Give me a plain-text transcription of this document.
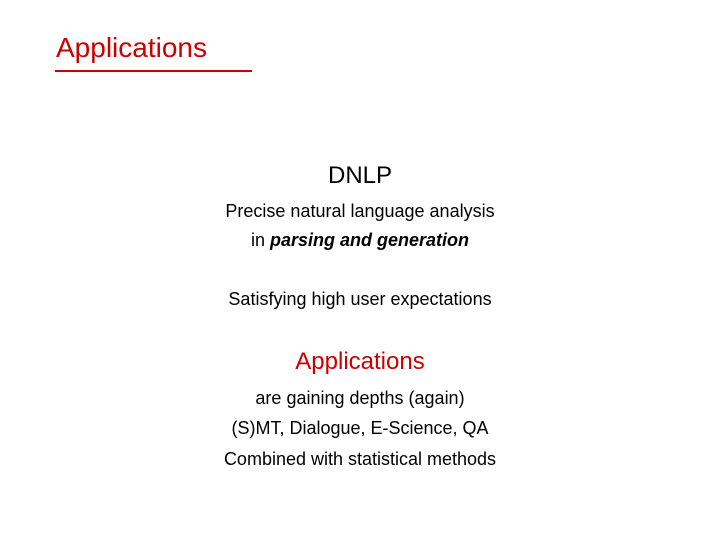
Applications
DNLP
Precise natural language analysis
in parsing and generation
Satisfying high user expectations
Applications
are gaining depths (again)
(S)MT, Dialogue, E-Science, QA
Combined with statistical methods
